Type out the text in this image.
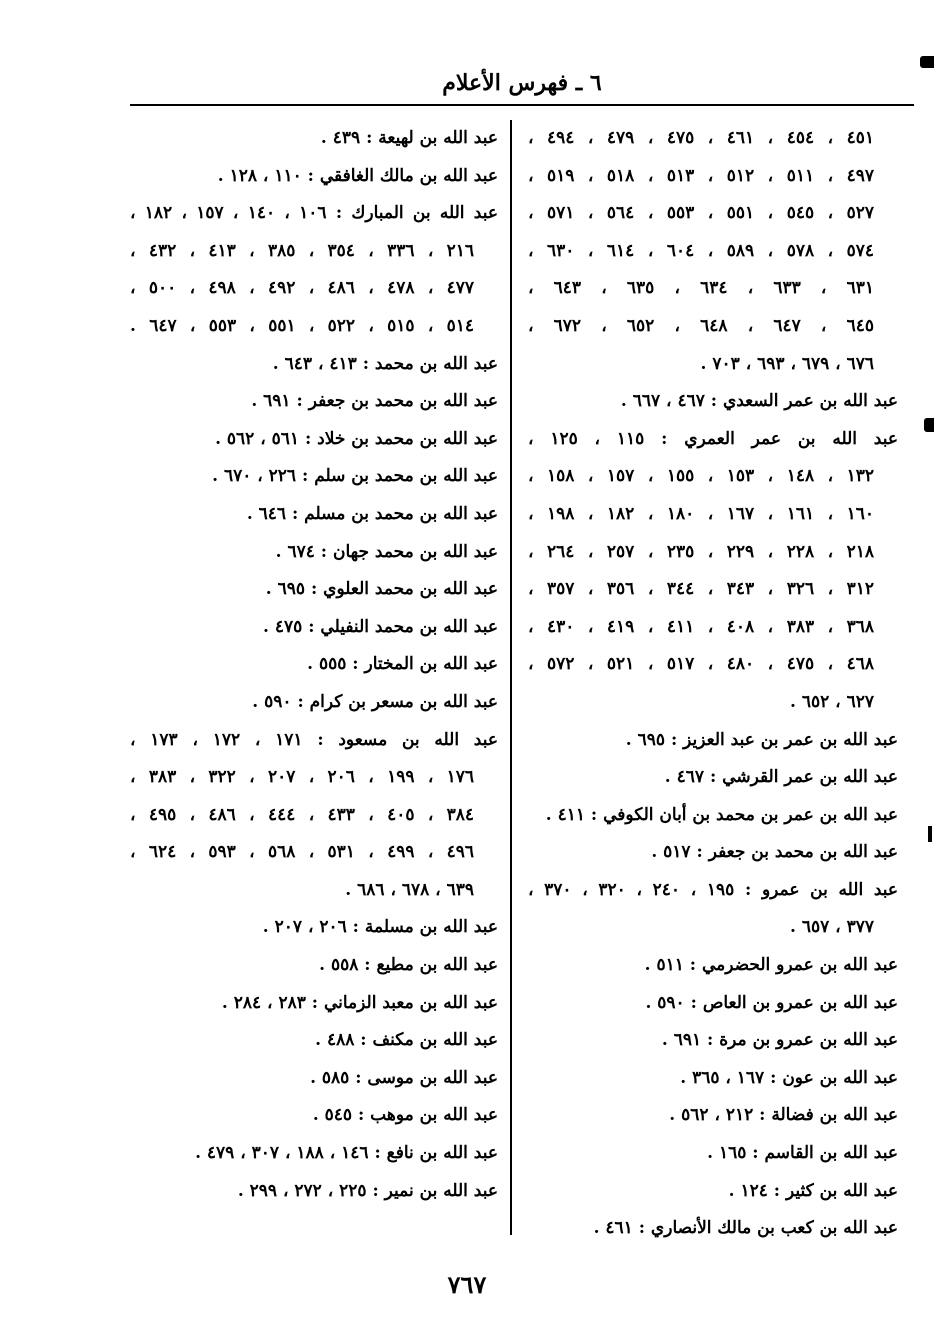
٦ ـ فهرس الأعلام
٤٥١ ، ٤٥٤ ، ٤٦١ ، ٤٧٥ ، ٤٧٩ ، ٤٩٤ ،
٤٩٧ ، ٥١١ ، ٥١٢ ، ٥١٣ ، ٥١٨ ، ٥١٩ ،
٥٢٧ ، ٥٤٥ ، ٥٥١ ، ٥٥٣ ، ٥٦٤ ، ٥٧١ ،
٥٧٤ ، ٥٧٨ ، ٥٨٩ ، ٦٠٤ ، ٦١٤ ، ٦٣٠ ،
٦٣١ ، ٦٣٣ ، ٦٣٤ ، ٦٣٥ ، ٦٤٣ ،
٦٤٥ ، ٦٤٧ ، ٦٤٨ ، ٦٥٢ ، ٦٧٢ ،
٦٧٦ ، ٦٧٩ ، ٦٩٣ ، ٧٠٣ .
عبد الله بن عمر السعدي : ٤٦٧ ، ٦٦٧ .
عبد الله بن عمر العمري : ١١٥ ، ١٢٥ ،
١٣٢ ، ١٤٨ ، ١٥٣ ، ١٥٥ ، ١٥٧ ، ١٥٨ ،
١٦٠ ، ١٦١ ، ١٦٧ ، ١٨٠ ، ١٨٢ ، ١٩٨ ،
٢١٨ ، ٢٢٨ ، ٢٢٩ ، ٢٣٥ ، ٢٥٧ ، ٢٦٤ ،
٣١٢ ، ٣٢٦ ، ٣٤٣ ، ٣٤٤ ، ٣٥٦ ، ٣٥٧ ،
٣٦٨ ، ٣٨٣ ، ٤٠٨ ، ٤١١ ، ٤١٩ ، ٤٣٠ ،
٤٦٨ ، ٤٧٥ ، ٤٨٠ ، ٥١٧ ، ٥٢١ ، ٥٧٢ ،
٦٢٧ ، ٦٥٢ .
عبد الله بن عمر بن عبد العزيز : ٦٩٥ .
عبد الله بن عمر القرشي : ٤٦٧ .
عبد الله بن عمر بن محمد بن أبان الكوفي : ٤١١ .
عبد الله بن محمد بن جعفر : ٥١٧ .
عبد الله بن عمرو : ١٩٥ ، ٢٤٠ ، ٣٢٠ ، ٣٧٠ ،
٣٧٧ ، ٦٥٧ .
عبد الله بن عمرو الحضرمي : ٥١١ .
عبد الله بن عمرو بن العاص : ٥٩٠ .
عبد الله بن عمرو بن مرة : ٦٩١ .
عبد الله بن عون : ١٦٧ ، ٣٦٥ .
عبد الله بن فضالة : ٢١٢ ، ٥٦٢ .
عبد الله بن القاسم : ١٦٥ .
عبد الله بن كثير : ١٢٤ .
عبد الله بن كعب بن مالك الأنصاري : ٤٦١ .
عبد الله بن لهيعة : ٤٣٩ .
عبد الله بن مالك الغافقي : ١١٠ ، ١٢٨ .
عبد الله بن المبارك : ١٠٦ ، ١٤٠ ، ١٥٧ ، ١٨٢ ،
٢١٦ ، ٣٣٦ ، ٣٥٤ ، ٣٨٥ ، ٤١٣ ، ٤٣٢ ،
٤٧٧ ، ٤٧٨ ، ٤٨٦ ، ٤٩٢ ، ٤٩٨ ، ٥٠٠ ،
٥١٤ ، ٥١٥ ، ٥٢٢ ، ٥٥١ ، ٥٥٣ ، ٦٤٧ .
عبد الله بن محمد : ٤١٣ ، ٦٤٣ .
عبد الله بن محمد بن جعفر : ٦٩١ .
عبد الله بن محمد بن خلاد : ٥٦١ ، ٥٦٢ .
عبد الله بن محمد بن سلم : ٢٢٦ ، ٦٧٠ .
عبد الله بن محمد بن مسلم : ٦٤٦ .
عبد الله بن محمد جهان : ٦٧٤ .
عبد الله بن محمد العلوي : ٦٩٥ .
عبد الله بن محمد النفيلي : ٤٧٥ .
عبد الله بن المختار : ٥٥٥ .
عبد الله بن مسعر بن كرام : ٥٩٠ .
عبد الله بن مسعود : ١٧١ ، ١٧٢ ، ١٧٣ ،
١٧٦ ، ١٩٩ ، ٢٠٦ ، ٢٠٧ ، ٣٢٢ ، ٣٨٣ ،
٣٨٤ ، ٤٠٥ ، ٤٣٣ ، ٤٤٤ ، ٤٨٦ ، ٤٩٥ ،
٤٩٦ ، ٤٩٩ ، ٥٣١ ، ٥٦٨ ، ٥٩٣ ، ٦٢٤ ،
٦٣٩ ، ٦٧٨ ، ٦٨٦ .
عبد الله بن مسلمة : ٢٠٦ ، ٢٠٧ .
عبد الله بن مطيع : ٥٥٨ .
عبد الله بن معبد الزماني : ٢٨٣ ، ٢٨٤ .
عبد الله بن مكنف : ٤٨٨ .
عبد الله بن موسى : ٥٨٥ .
عبد الله بن موهب : ٥٤٥ .
عبد الله بن نافع : ١٤٦ ، ١٨٨ ، ٣٠٧ ، ٤٧٩ .
عبد الله بن نمير : ٢٢٥ ، ٢٧٢ ، ٢٩٩ .
٧٦٧
